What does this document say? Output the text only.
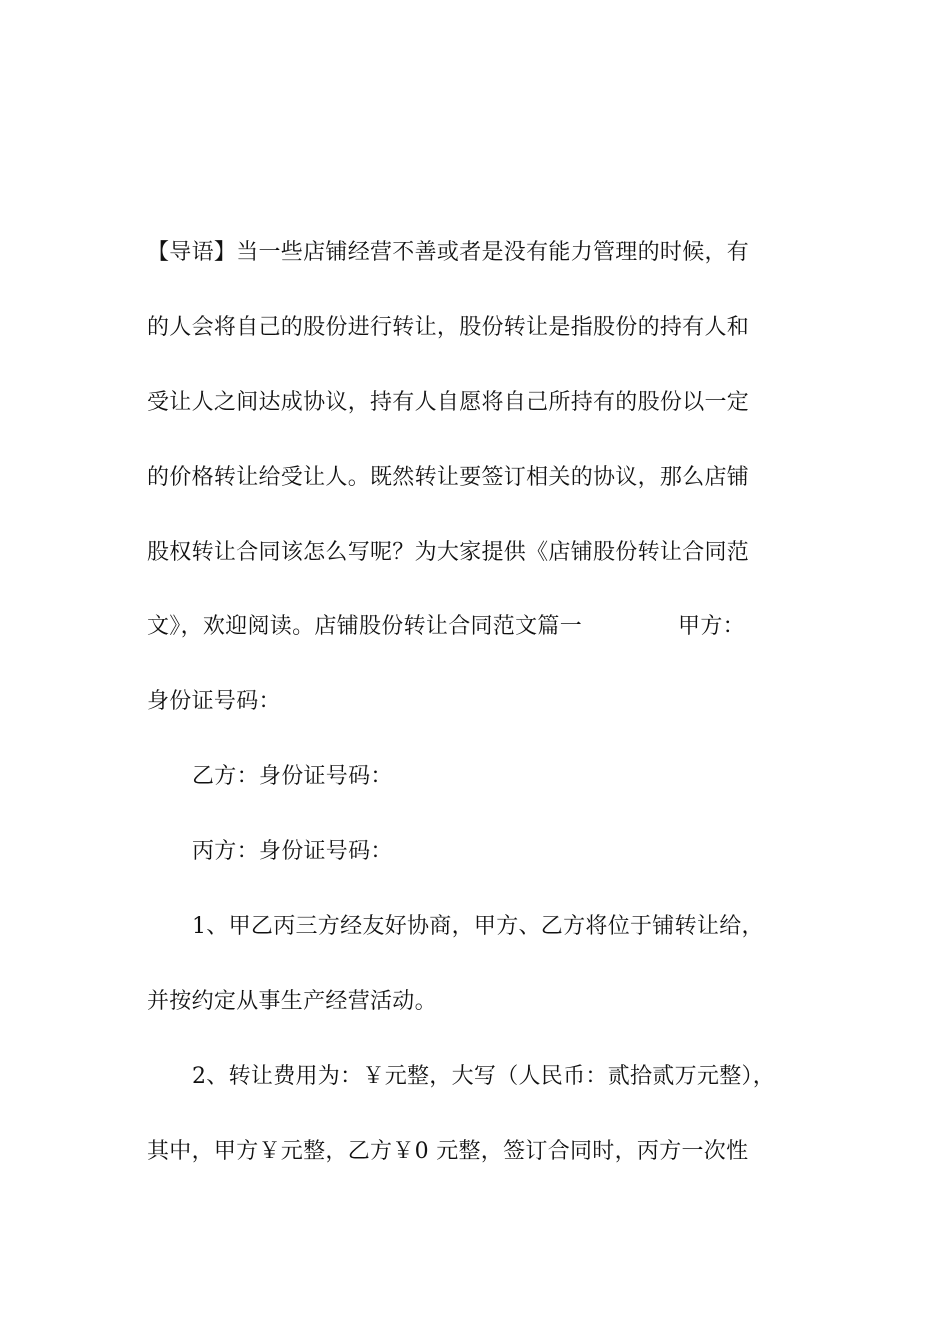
【导语】当一些店铺经营不善或者是没有能力管理的时候，有
的人会将自己的股份进行转让，股份转让是指股份的持有人和
受让人之间达成协议，持有人自愿将自己所持有的股份以一定
的价格转让给受让人。既然转让要签订相关的协议，那么店铺
股权转让合同该怎么写呢？为大家提供《店铺股份转让合同范
文》，欢迎阅读。店铺股份转让合同范文篇一	甲方：
身份证号码：
乙方：身份证号码：
丙方：身份证号码：
1、甲乙丙三方经友好协商，甲方、乙方将位于铺转让给，
并按约定从事生产经营活动。
2、转让费用为：￥元整，大写（人民币：贰拾贰万元整），
其中，甲方￥元整，乙方￥0 元整，签订合同时，丙方一次性
